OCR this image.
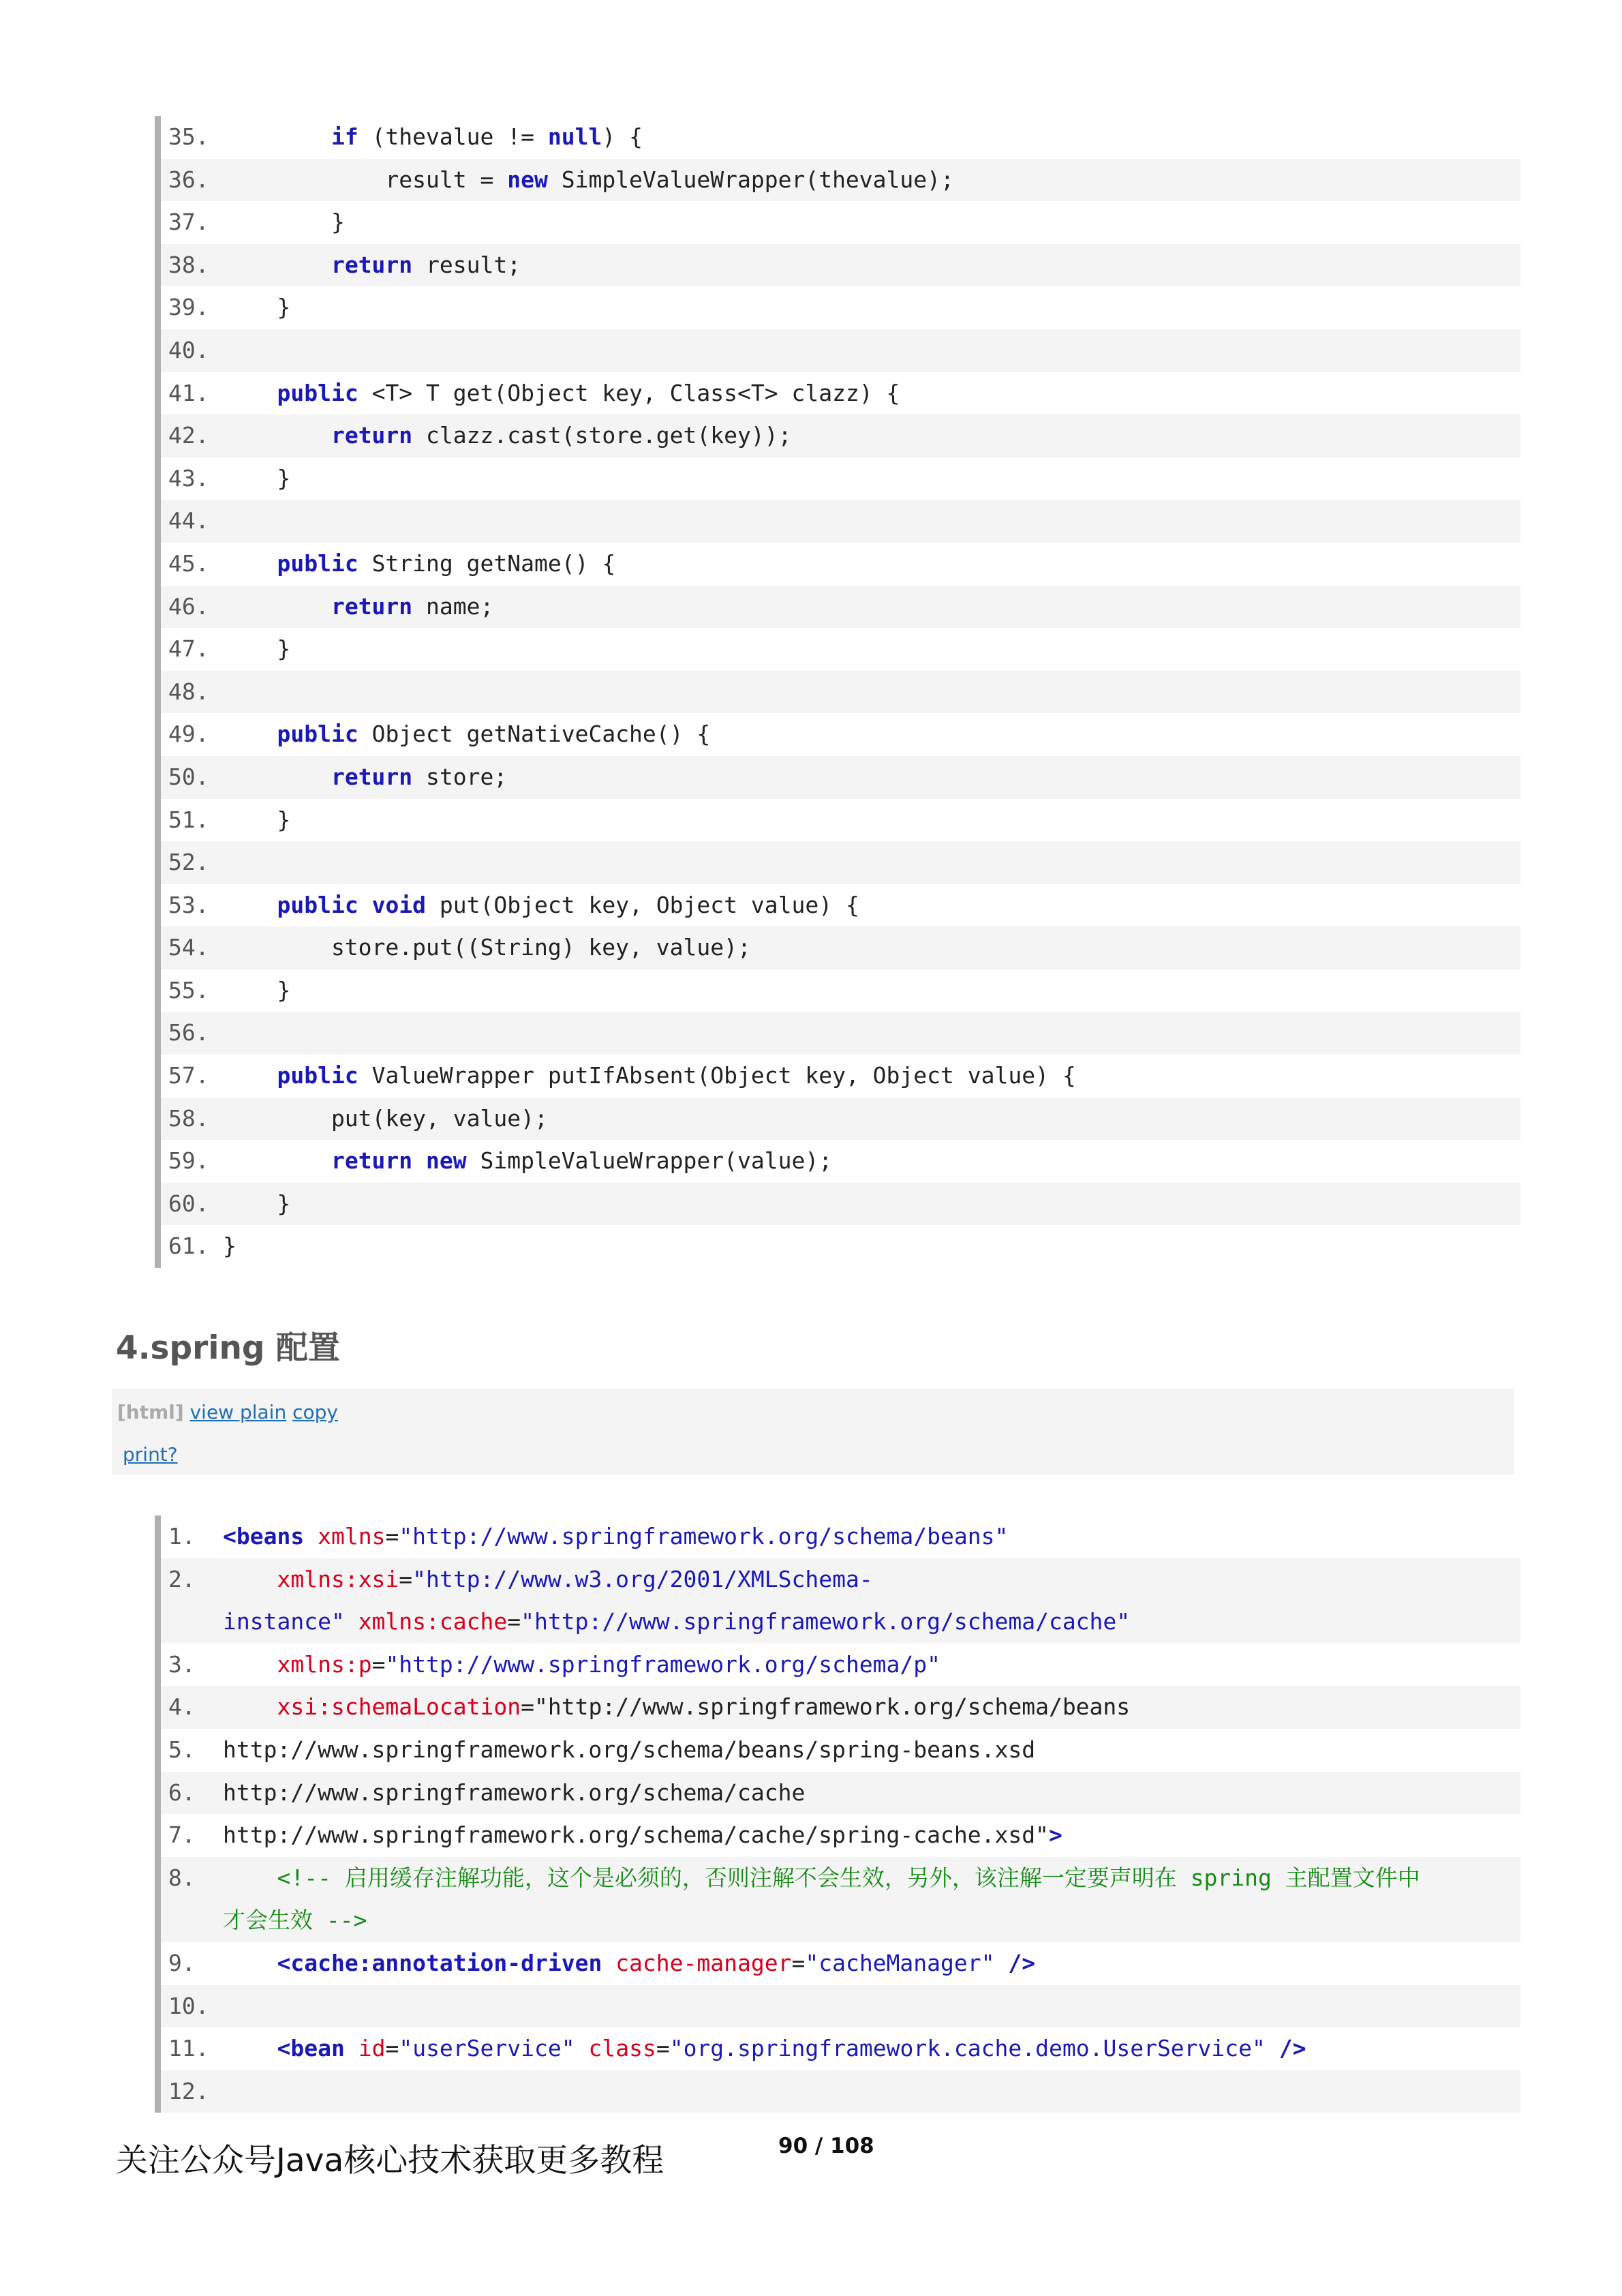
35.	if (thevalue != null) {
36. result = new SimpleValueWrapper(thevalue);
37. }
38.	return result;
39. }
40.
41.	public <T> T get(Object key, Class<T> clazz) {
42.	return clazz.cast(store.get(key));
43. }
44.
45.	public String getName() {
46.	return name;
47. }
48.
49.	public Object getNativeCache() {
50.	return store;
51. }
52.
53.	public void put(Object key, Object value) {
54. store.put((String) key, value);
55. }
56.
57.	public ValueWrapper putIfAbsent(Object key, Object value) {
58. put(key, value);
59.	return new SimpleValueWrapper(value);
60. }
61. }
4.spring 配置
[html] view plain copy
print?
1.	<beans xmlns="http://www.springframework.org/schema/beans"
2.	xmlns:xsi="http://www.w3.org/2001/XMLSchema-
instance" xmlns:cache="http://www.springframework.org/schema/cache"
3.	xmlns:p="http://www.springframework.org/schema/p"
4.	xsi:schemaLocation="http://www.springframework.org/schema/beans
5.	http://www.springframework.org/schema/beans/spring-beans.xsd
6.	http://www.springframework.org/schema/cache
7.	http://www.springframework.org/schema/cache/spring-cache.xsd">
8.	<!-- 启用缓存注解功能，这个是必须的，否则注解不会生效，另外，该注解一定要声明在 spring 主配置文件中
才会生效 -->
9.	<cache:annotation-driven cache-manager="cacheManager" />
10.
11.	<bean id="userService" class="org.springframework.cache.demo.UserService" />
12.
关注公众号Java核心技术获取更多教程	90 / 108
